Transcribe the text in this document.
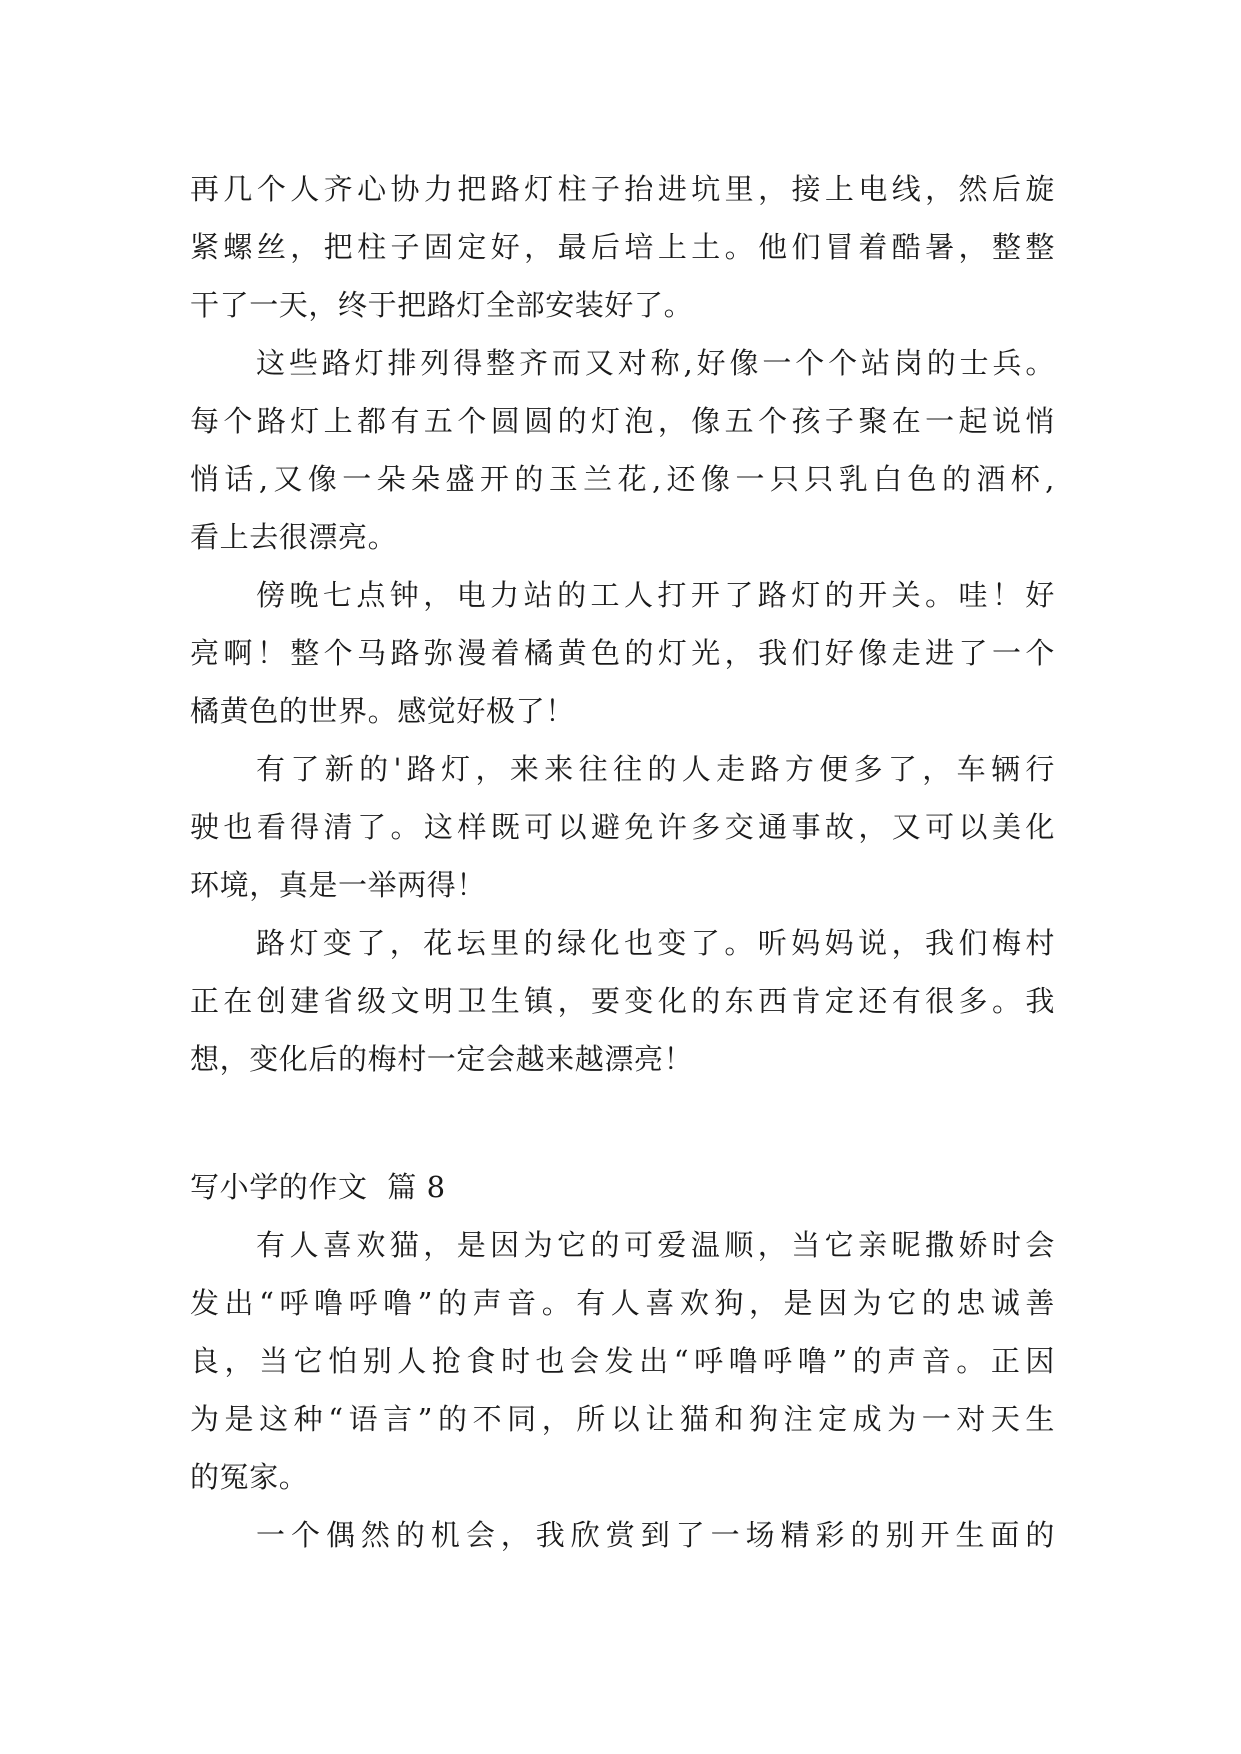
再几个人齐心协力把路灯柱子抬进坑里，接上电线，然后旋

紧螺丝，把柱子固定好，最后培上土。他们冒着酷暑，整整

干了一天，终于把路灯全部安装好了。

这些路灯排列得整齐而又对称,好像一个个站岗的士兵。

每个路灯上都有五个圆圆的灯泡，像五个孩子聚在一起说悄

悄话,又像一朵朵盛开的玉兰花,还像一只只乳白色的酒杯,

看上去很漂亮。

傍晚七点钟，电力站的工人打开了路灯的开关。哇！好

亮啊！整个马路弥漫着橘黄色的灯光，我们好像走进了一个

橘黄色的世界。感觉好极了！

有了新的'路灯，来来往往的人走路方便多了，车辆行

驶也看得清了。这样既可以避免许多交通事故，又可以美化

环境，真是一举两得！

路灯变了，花坛里的绿化也变了。听妈妈说，我们梅村

正在创建省级文明卫生镇，要变化的东西肯定还有很多。我

想，变化后的梅村一定会越来越漂亮！

写小学的作文  篇 8

有人喜欢猫，是因为它的可爱温顺，当它亲昵撒娇时会

发出“呼噜呼噜”的声音。有人喜欢狗，是因为它的忠诚善

良，当它怕别人抢食时也会发出“呼噜呼噜”的声音。正因

为是这种“语言”的不同，所以让猫和狗注定成为一对天生

的冤家。

一个偶然的机会，我欣赏到了一场精彩的别开生面的
